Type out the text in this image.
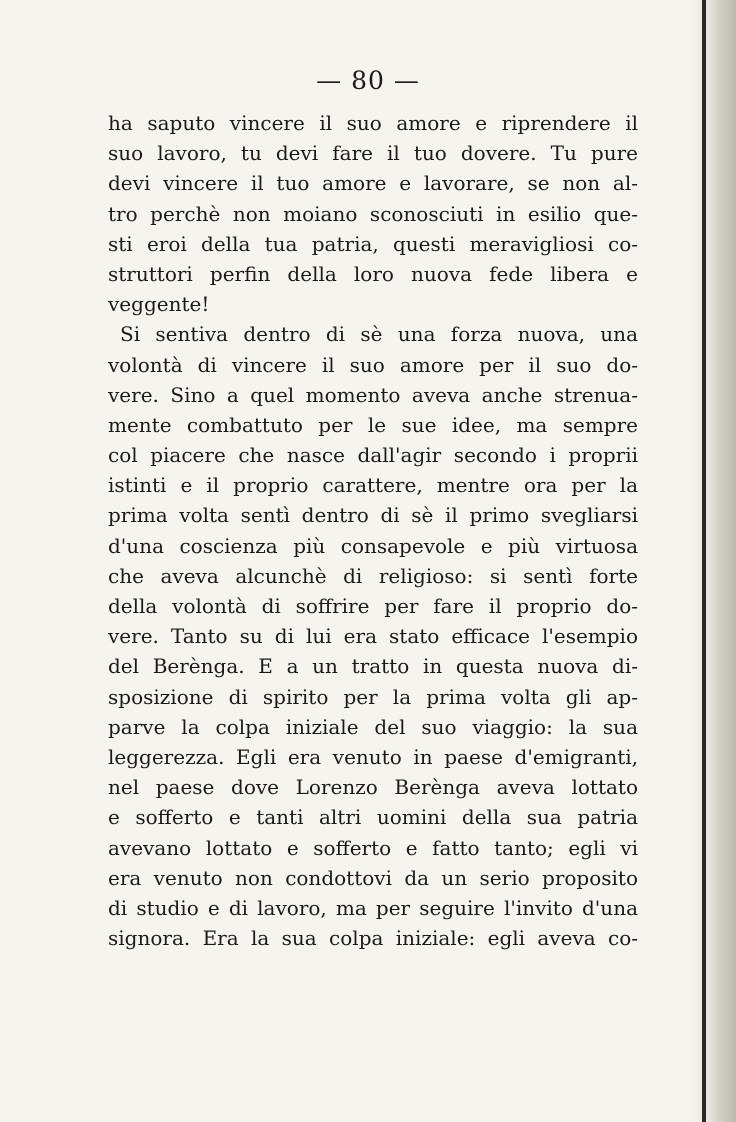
— 80 —
ha saputo vincere il suo amore e riprendere il
suo lavoro, tu devi fare il tuo dovere. Tu pure
devi vincere il tuo amore e lavorare, se non al-
tro perchè non moiano sconosciuti in esilio que-
sti eroi della tua patria, questi meravigliosi co-
struttori perfin della loro nuova fede libera e
veggente!
Si sentiva dentro di sè una forza nuova, una
volontà di vincere il suo amore per il suo do-
vere. Sino a quel momento aveva anche strenua-
mente combattuto per le sue idee, ma sempre
col piacere che nasce dall'agir secondo i proprii
istinti e il proprio carattere, mentre ora per la
prima volta sentì dentro di sè il primo svegliarsi
d'una coscienza più consapevole e più virtuosa
che aveva alcunchè di religioso: si sentì forte
della volontà di soffrire per fare il proprio do-
vere. Tanto su di lui era stato efficace l'esempio
del Berènga. E a un tratto in questa nuova di-
sposizione di spirito per la prima volta gli ap-
parve la colpa iniziale del suo viaggio: la sua
leggerezza. Egli era venuto in paese d'emigranti,
nel paese dove Lorenzo Berènga aveva lottato
e sofferto e tanti altri uomini della sua patria
avevano lottato e sofferto e fatto tanto; egli vi
era venuto non condottovi da un serio proposito
di studio e di lavoro, ma per seguire l'invito d'una
signora. Era la sua colpa iniziale: egli aveva co-
